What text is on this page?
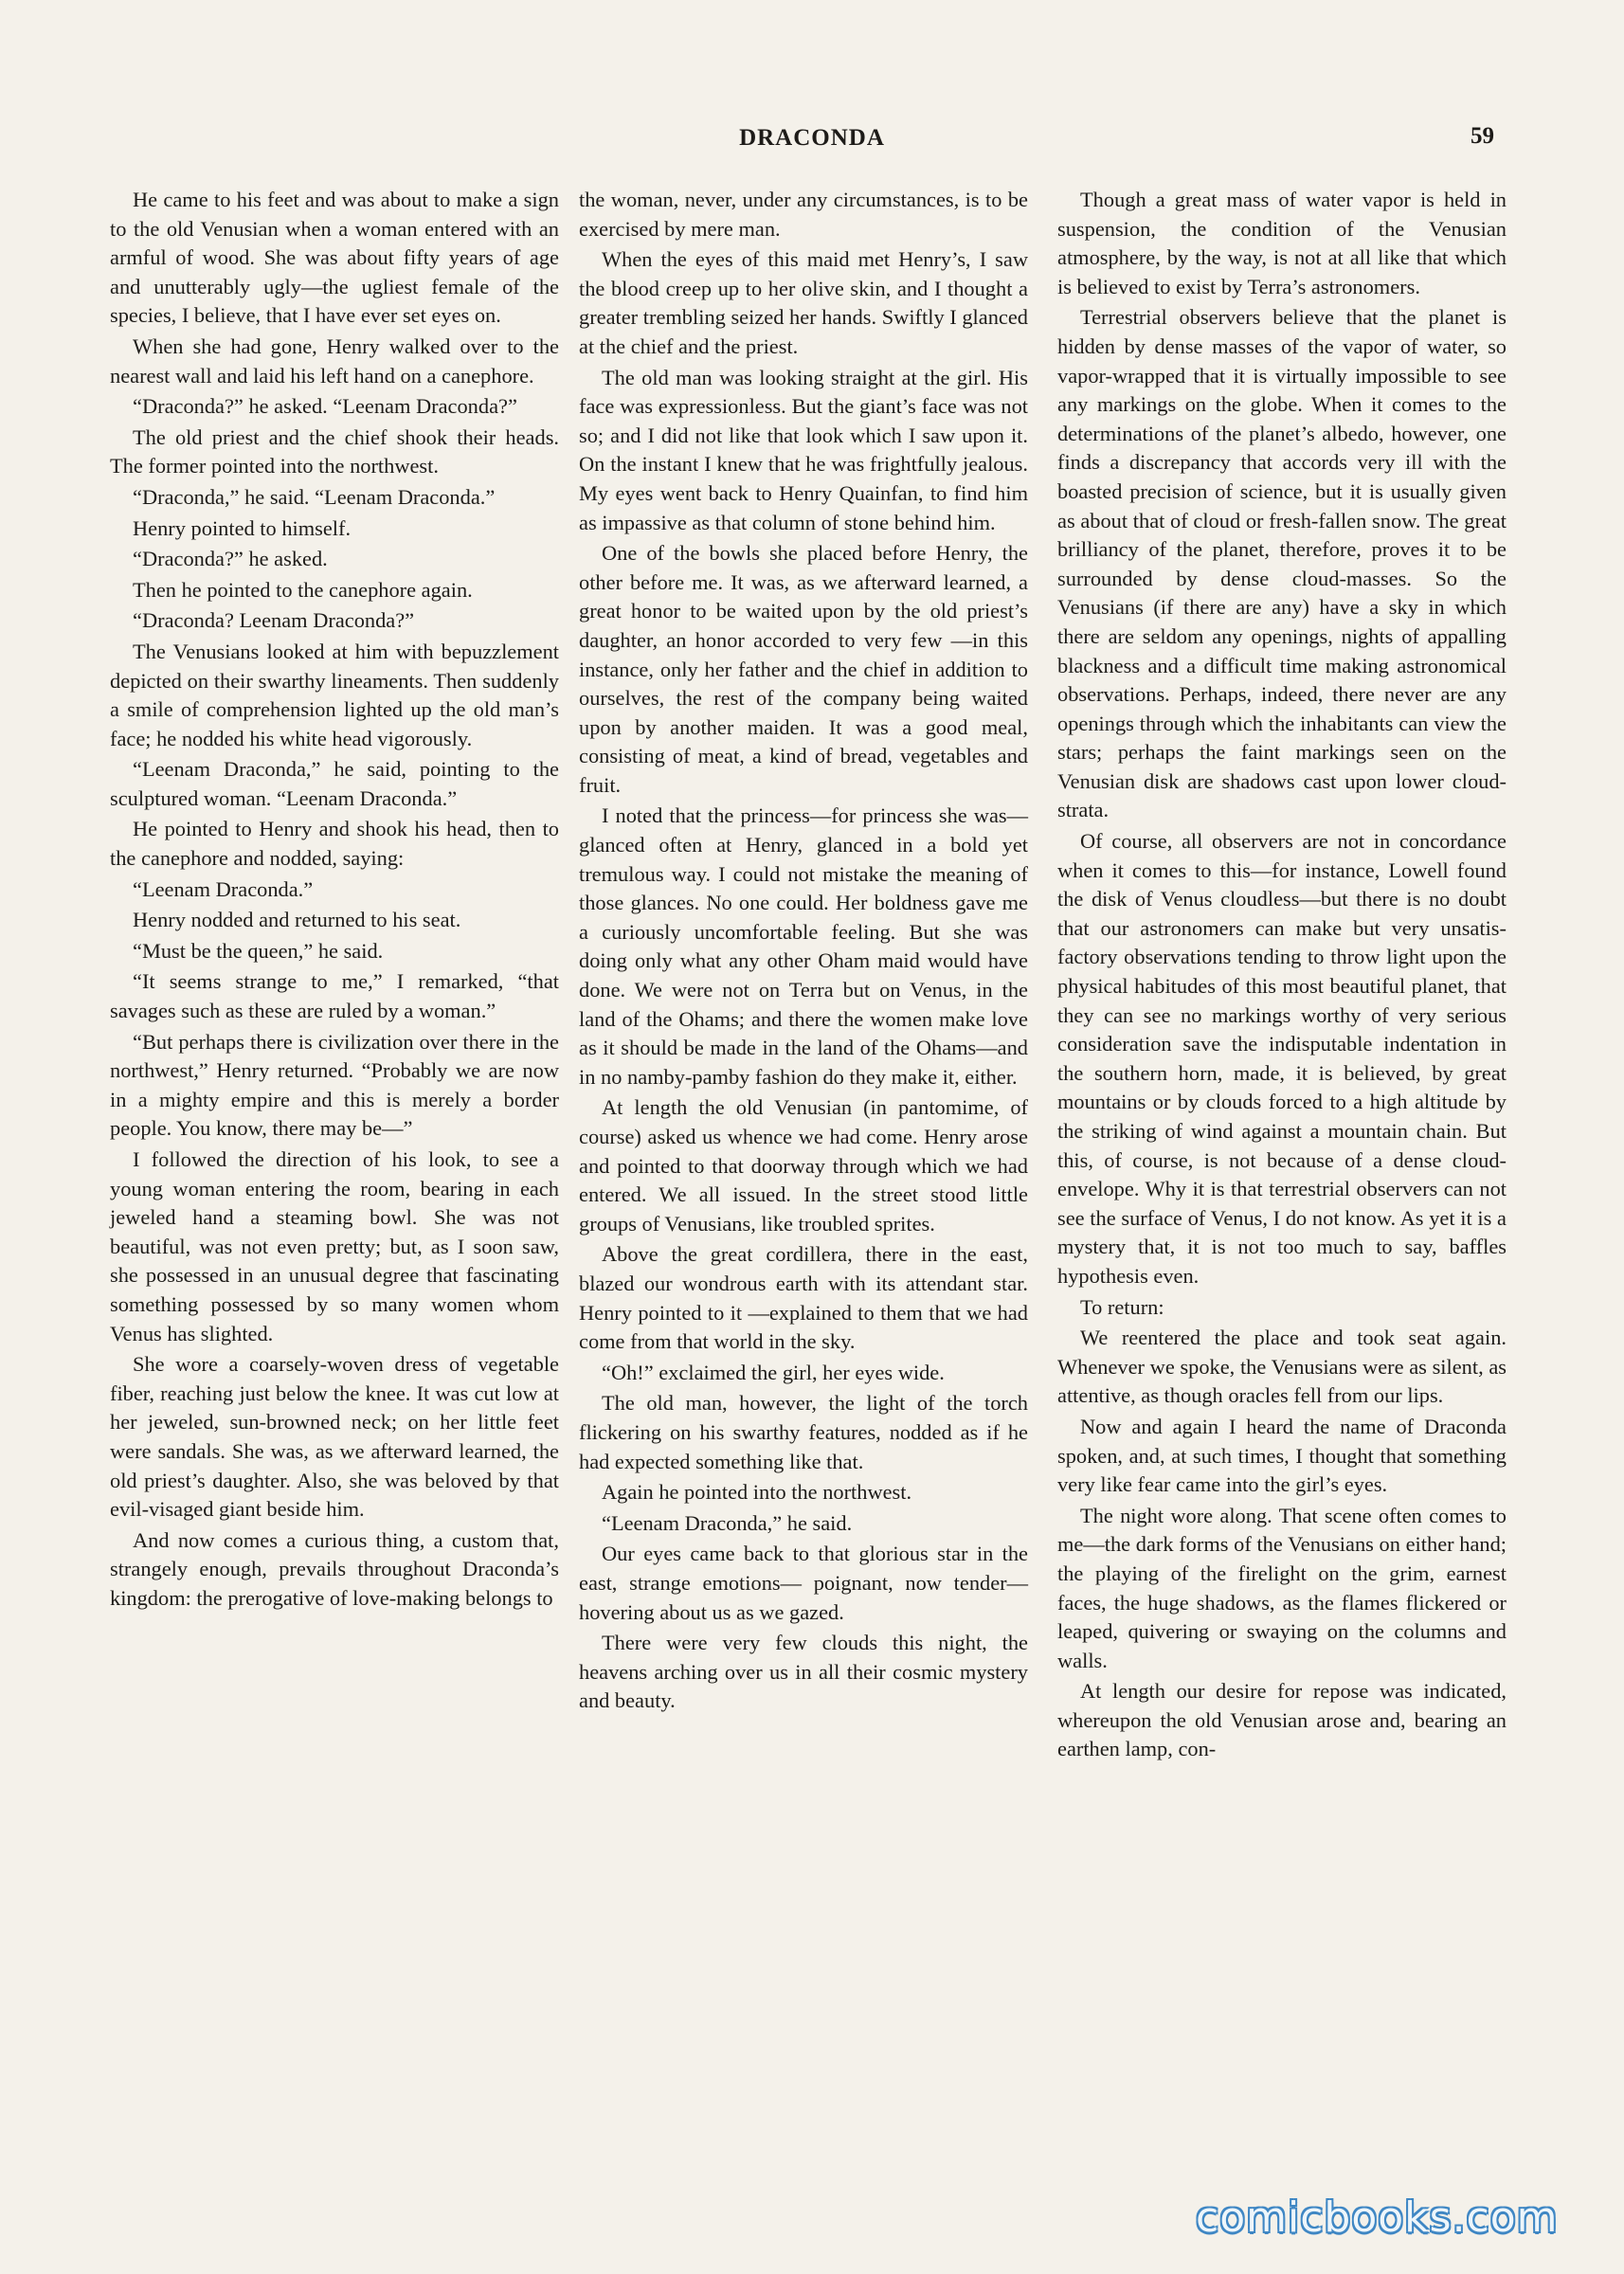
DRACONDA	59

He came to his feet and was about to make a sign to the old Venusian when a woman entered with an armful of wood. She was about fifty years of age and unutterably ugly—the ugliest female of the species, I believe, that I have ever set eyes on.

When she had gone, Henry walked over to the nearest wall and laid his left hand on a canephore.

“Draconda?” he asked. “Leenam Draconda?”

The old priest and the chief shook their heads. The former pointed into the northwest.

“Draconda,” he said. “Leenam Draconda.”

Henry pointed to himself.

“Draconda?” he asked.

Then he pointed to the canephore again.

“Draconda? Leenam Draconda?”

The Venusians looked at him with bepuzzlement depicted on their swarthy lineaments. Then suddenly a smile of comprehension lighted up the old man’s face; he nodded his white head vigorously.

“Leenam Draconda,” he said, pointing to the sculptured woman. “Leenam Draconda.”

He pointed to Henry and shook his head, then to the canephore and nodded, saying:

“Leenam Draconda.”

Henry nodded and returned to his seat.

“Must be the queen,” he said.

“It seems strange to me,” I remarked, “that savages such as these are ruled by a woman.”

“But perhaps there is civilization over there in the northwest,” Henry returned. “Probably we are now in a mighty empire and this is merely a border people. You know, there may be—”

I followed the direction of his look, to see a young woman entering the room, bearing in each jeweled hand a steaming bowl. She was not beautiful, was not even pretty; but, as I soon saw, she possessed in an unusual degree that fascinating something possessed by so many women whom Venus has slighted.

She wore a coarsely-woven dress of vegetable fiber, reaching just below the knee. It was cut low at her jeweled, sun-browned neck; on her little feet were sandals. She was, as we afterward learned, the old priest’s daughter. Also, she was beloved by that evil-visaged giant beside him.

And now comes a curious thing, a custom that, strangely enough, prevails throughout Draconda’s kingdom: the prerogative of love-making belongs to

the woman, never, under any circumstances, is to be exercised by mere man.

When the eyes of this maid met Henry’s, I saw the blood creep up to her olive skin, and I thought a greater trembling seized her hands. Swiftly I glanced at the chief and the priest.

The old man was looking straight at the girl. His face was expressionless. But the giant’s face was not so; and I did not like that look which I saw upon it. On the instant I knew that he was frightfully jealous. My eyes went back to Henry Quainfan, to find him as impassive as that column of stone behind him.

One of the bowls she placed before Henry, the other before me. It was, as we afterward learned, a great honor to be waited upon by the old priest’s daughter, an honor accorded to very few —in this instance, only her father and the chief in addition to ourselves, the rest of the company being waited upon by another maiden. It was a good meal, consisting of meat, a kind of bread, vegetables and fruit.

I noted that the princess—for princess she was—glanced often at Henry, glanced in a bold yet tremulous way. I could not mistake the meaning of those glances. No one could. Her boldness gave me a curiously uncomfortable feeling. But she was doing only what any other Oham maid would have done. We were not on Terra but on Venus, in the land of the Ohams; and there the women make love as it should be made in the land of the Ohams—and in no namby-pamby fashion do they make it, either.

At length the old Venusian (in pantomime, of course) asked us whence we had come. Henry arose and pointed to that doorway through which we had entered. We all issued. In the street stood little groups of Venusians, like troubled sprites.

Above the great cordillera, there in the east, blazed our wondrous earth with its attendant star. Henry pointed to it —explained to them that we had come from that world in the sky.

“Oh!” exclaimed the girl, her eyes wide.

The old man, however, the light of the torch flickering on his swarthy features, nodded as if he had expected something like that.

Again he pointed into the northwest.

“Leenam Draconda,” he said.

Our eyes came back to that glorious star in the east, strange emotions— poignant, now tender—hovering about us as we gazed.

There were very few clouds this night, the heavens arching over us in all their cosmic mystery and beauty.

Though a great mass of water vapor is held in suspension, the condition of the Venusian atmosphere, by the way, is not at all like that which is believed to exist by Terra’s astronomers.

Terrestrial observers believe that the planet is hidden by dense masses of the vapor of water, so vapor-wrapped that it is virtually impossible to see any markings on the globe. When it comes to the determinations of the planet’s albedo, however, one finds a discrepancy that accords very ill with the boasted precision of science, but it is usually given as about that of cloud or fresh-fallen snow. The great brilliancy of the planet, therefore, proves it to be surrounded by dense cloud-masses. So the Venusians (if there are any) have a sky in which there are seldom any openings, nights of appalling blackness and a difficult time making astronomical observations. Perhaps, indeed, there never are any openings through which the inhabitants can view the stars; perhaps the faint markings seen on the Venusian disk are shadows cast upon lower cloud-strata.

Of course, all observers are not in concordance when it comes to this—for instance, Lowell found the disk of Venus cloudless—but there is no doubt that our astronomers can make but very unsatisfactory observations tending to throw light upon the physical habitudes of this most beautiful planet, that they can see no markings worthy of very serious consideration save the indisputable indentation in the southern horn, made, it is believed, by great mountains or by clouds forced to a high altitude by the striking of wind against a mountain chain. But this, of course, is not because of a dense cloud-envelope. Why it is that terrestrial observers can not see the surface of Venus, I do not know. As yet it is a mystery that, it is not too much to say, baffles hypothesis even.

To return:

We reentered the place and took seat again. Whenever we spoke, the Venusians were as silent, as attentive, as though oracles fell from our lips.

Now and again I heard the name of Draconda spoken, and, at such times, I thought that something very like fear came into the girl’s eyes.

The night wore along. That scene often comes to me—the dark forms of the Venusians on either hand; the playing of the firelight on the grim, earnest faces, the huge shadows, as the flames flickered or leaped, quivering or swaying on the columns and walls.

At length our desire for repose was indicated, whereupon the old Venusian arose and, bearing an earthen lamp, con-

comicbooks.com
